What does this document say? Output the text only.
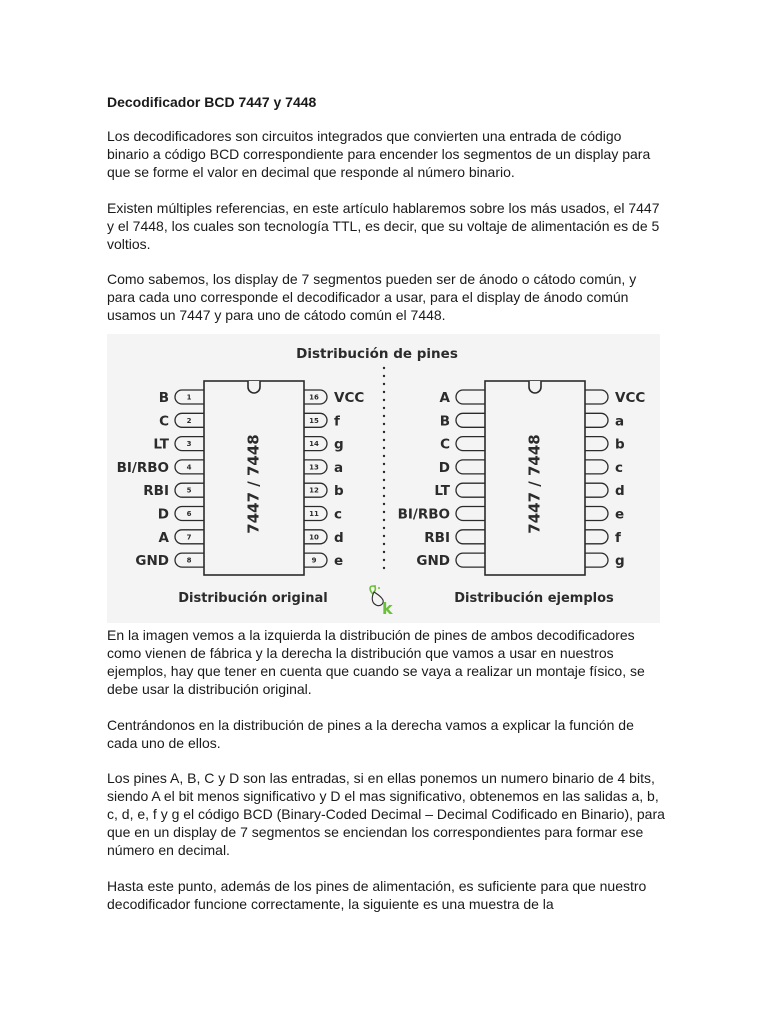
Decodificador BCD 7447 y 7448

Los decodificadores son circuitos integrados que convierten una entrada de código binario a código BCD correspondiente para encender los segmentos de un display para que se forme el valor en decimal que responde al número binario.

Existen múltiples referencias, en este artículo hablaremos sobre los más usados, el 7447 y el 7448, los cuales son tecnología TTL, es decir, que su voltaje de alimentación es de 5 voltios.

Como sabemos, los display de 7 segmentos pueden ser de ánodo o cátodo común, y para cada uno corresponde el decodificador a usar, para el display de ánodo común usamos un 7447 y para uno de cátodo común el 7448.

Distribución de pines
7447 / 7448
1
B
2
C
3
LT
4
BI/RBO
5
RBI
6
D
7
A
8
GND
16 VCC
15 f
14 g
13 a
12 b
11 c
10 d
9 e
7447 / 7448
A
B
C
D
LT
BI/RBO
RBI
GND
VCC
a
b
c
d
e
f
g
Distribución original	Distribución ejemplos
k

En la imagen vemos a la izquierda la distribución de pines de ambos decodificadores como vienen de fábrica y la derecha la distribución que vamos a usar en nuestros ejemplos, hay que tener en cuenta que cuando se vaya a realizar un montaje físico, se debe usar la distribución original.

Centrándonos en la distribución de pines a la derecha vamos a explicar la función de cada uno de ellos.

Los pines A, B, C y D son las entradas, si en ellas ponemos un numero binario de 4 bits, siendo A el bit menos significativo y D el mas significativo, obtenemos en las salidas a, b, c, d, e, f y g el código BCD (Binary-Coded Decimal – Decimal Codificado en Binario), para que en un display de 7 segmentos se enciendan los correspondientes para formar ese número en decimal.

Hasta este punto, además de los pines de alimentación, es suficiente para que nuestro decodificador funcione correctamente, la siguiente es una muestra de la
